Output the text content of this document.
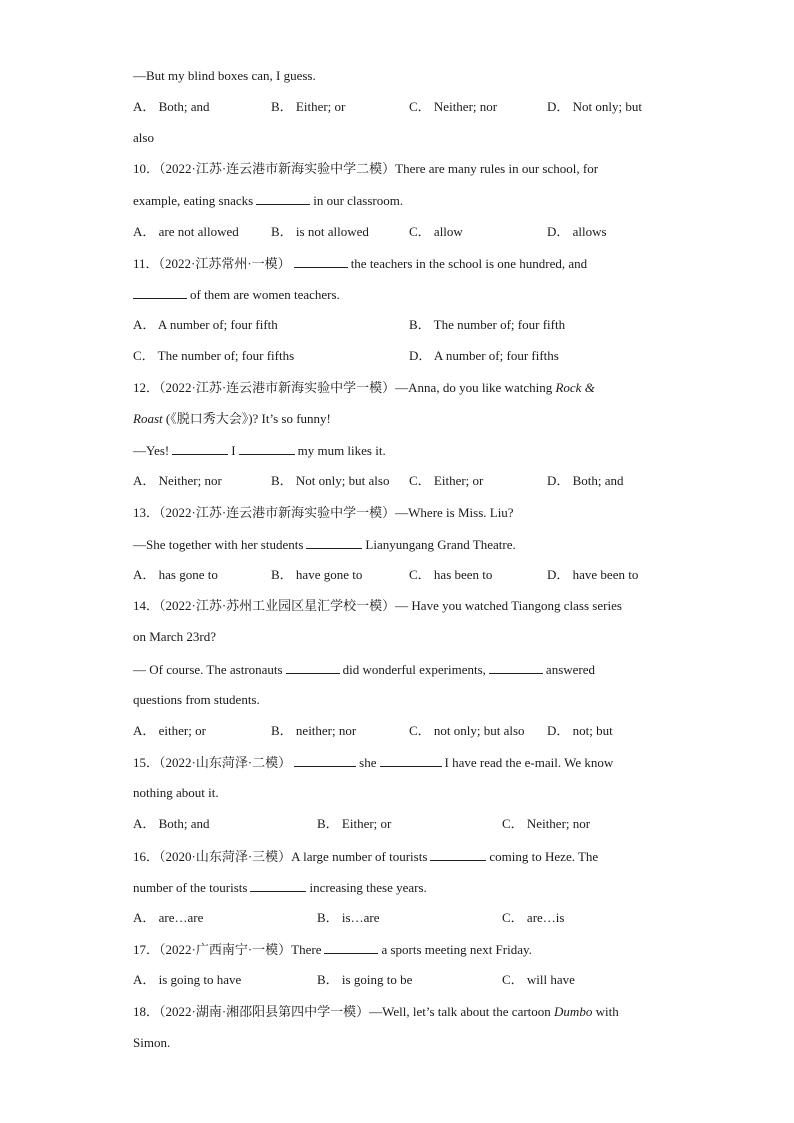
—But my blind boxes can, I guess.
A． Both; and	B． Either; or	C． Neither; nor	D． Not only; but
also
10．（2022·江苏·连云港市新海实验中学二模）There are many rules in our school, for
example, eating snacks	in our classroom.
A． are not allowed B． is not allowed	C． allow	D． allows
11．（2022·江苏常州·一模）	the teachers in the school is one hundred, and
of them are women teachers.
A． A number of; four fifth	B． The number of; four fifth
C． The number of; four fifths	D． A number of; four fifths
12．（2022·江苏·连云港市新海实验中学一模）—Anna, do you like watching Rock &
Roast (《脱口秀大会》)? It’s so funny!
—Yes!	I	my mum likes it.
A． Neither; nor	B． Not only; but also C． Either; or	D． Both; and
13．（2022·江苏·连云港市新海实验中学一模）—Where is Miss. Liu?
—She together with her students	Lianyungang Grand Theatre.
A． has gone to	B． have gone to	C． has been to	D． have been to
14．（2022·江苏·苏州工业园区星汇学校一模）— Have you watched Tiangong class series
on March 23rd?
— Of course. The astronauts	did wonderful experiments,	answered
questions from students.
A． either; or	B． neither; nor	C． not only; but also D． not; but
15．（2022·山东菏泽·二模）	she	I have read the e-mail. We know
nothing about it.
A． Both; and	B． Either; or	C． Neither; nor
16．（2020·山东菏泽·三模）A large number of tourists	coming to Heze. The
number of the tourists	increasing these years.
A． are…are	B． is…are	C． are…is
17．（2022·广西南宁·一模）There	a sports meeting next Friday.
A． is going to have	B． is going to be	C． will have
18．（2022·湖南·湘邵阳县第四中学一模）—Well, let’s talk about the cartoon Dumbo with
Simon.
